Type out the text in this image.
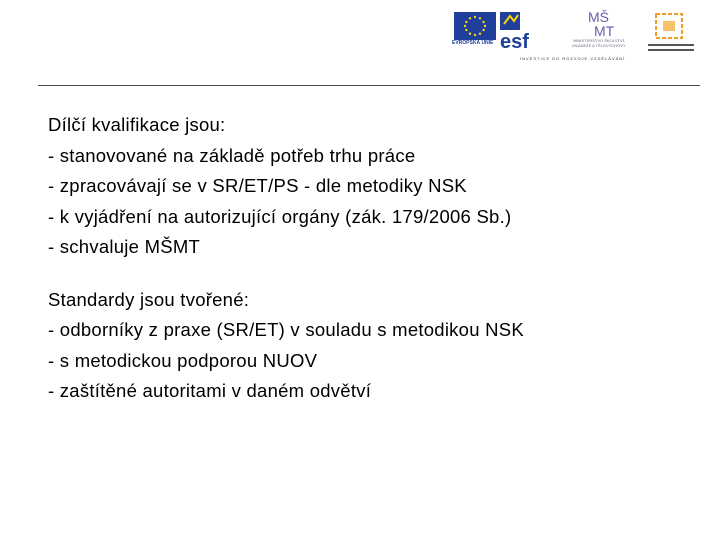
EVROPSKÁ UNIE esf
MŠ
MT
MINISTERSTVO ŠKOLSTVÍ,
MLÁDEŽE A TĚLOVÝCHOVY
INVESTICE DO ROZVOJE VZDĚLÁVÁNÍ
Dílčí kvalifikace jsou:
- stanovované na základě potřeb trhu práce
- zpracovávají se v SR/ET/PS - dle metodiky NSK
- k vyjádření na autorizující orgány (zák. 179/2006 Sb.)
- schvaluje MŠMT
Standardy jsou tvořené:
- odborníky z praxe (SR/ET) v souladu s metodikou NSK
- s metodickou podporou NUOV
- zaštítěné autoritami v daném odvětví
